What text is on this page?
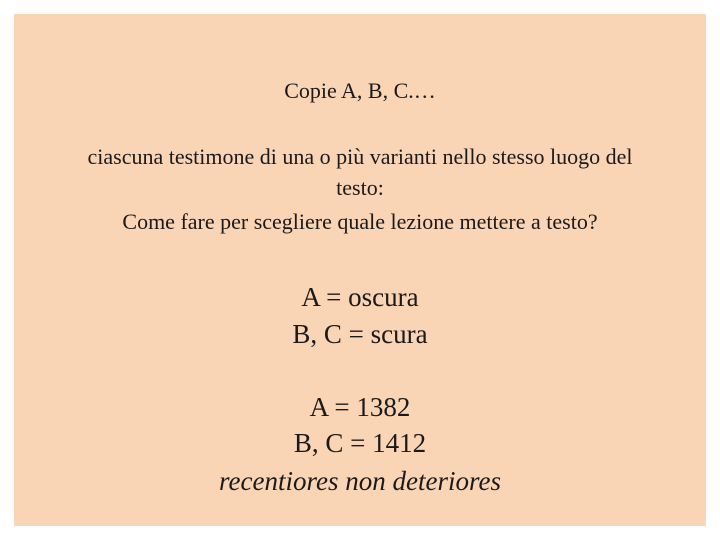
Copie A, B, C.…
ciascuna testimone di una o più varianti nello stesso luogo del
testo:
Come fare per scegliere quale lezione mettere a testo?
A = oscura
B, C = scura
A = 1382
B, C = 1412
recentiores non deteriores
